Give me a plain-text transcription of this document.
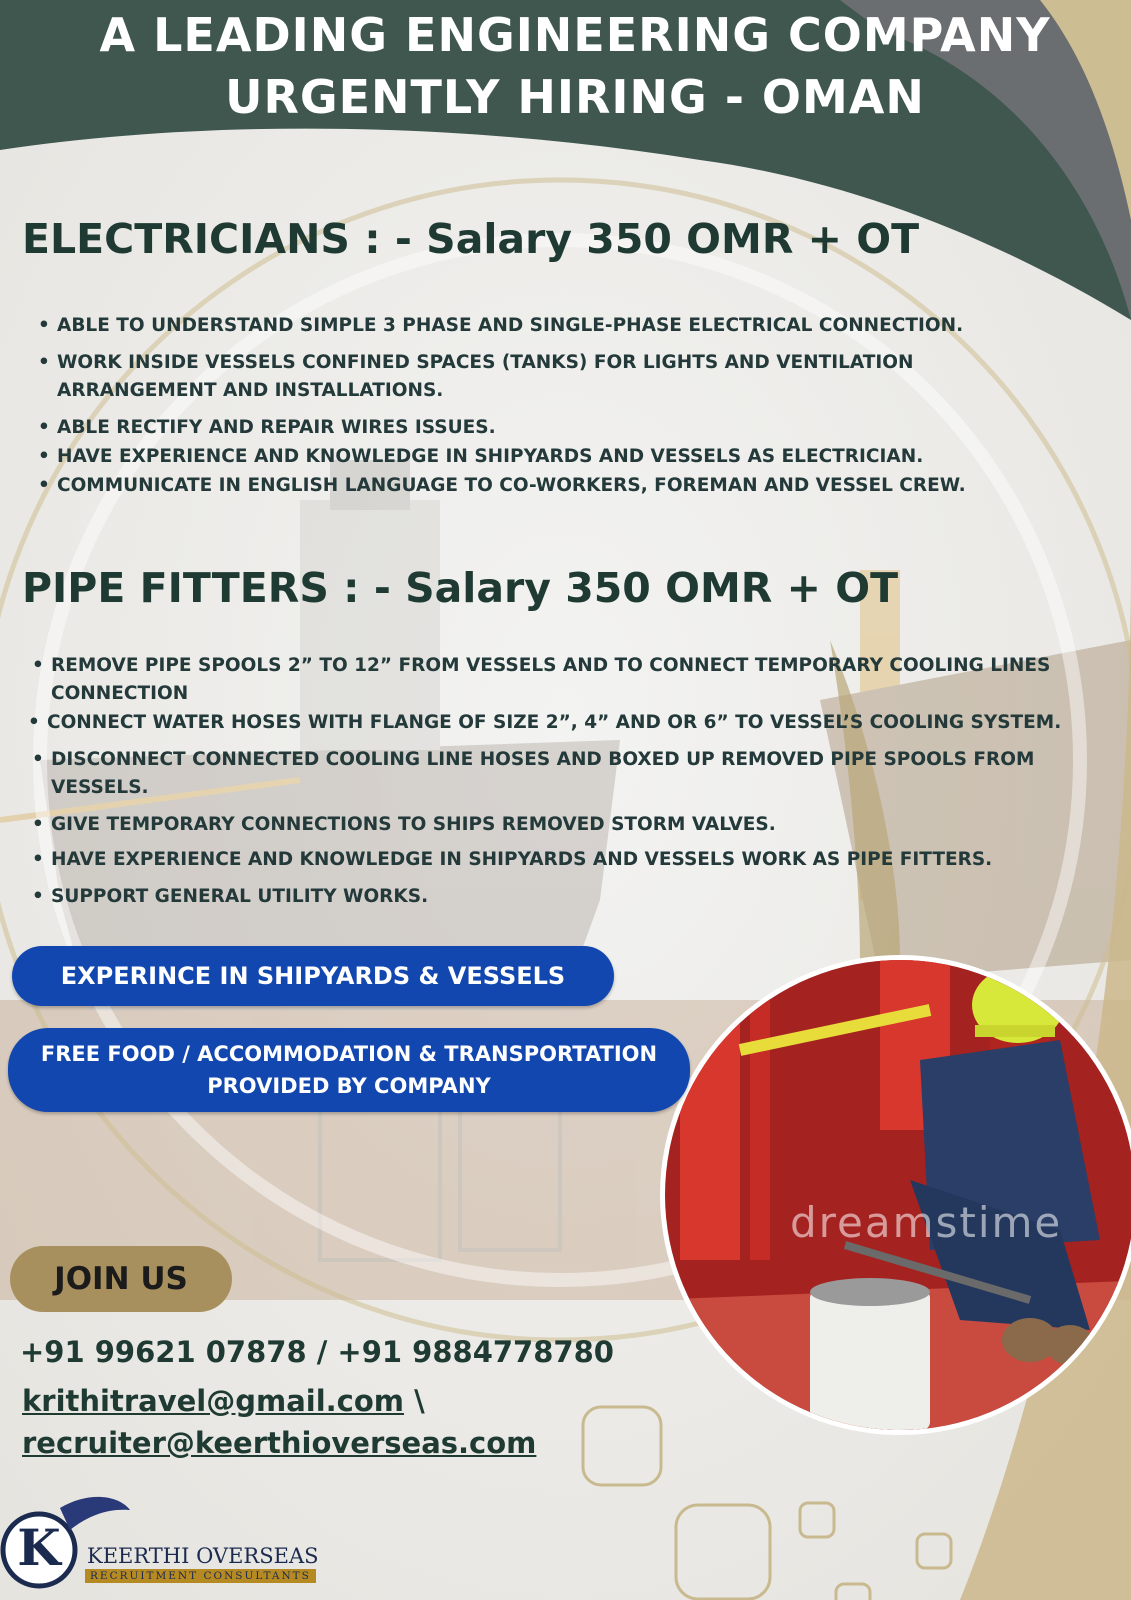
dreamstime
A LEADING ENGINEERING COMPANY
URGENTLY HIRING - OMAN
ELECTRICIANS : - Salary 350 OMR + OT
• ABLE TO UNDERSTAND SIMPLE 3 PHASE AND SINGLE-PHASE ELECTRICAL CONNECTION.
• WORK INSIDE VESSELS CONFINED SPACES (TANKS) FOR LIGHTS AND VENTILATION
ARRANGEMENT AND INSTALLATIONS.
• ABLE RECTIFY AND REPAIR WIRES ISSUES.
• HAVE EXPERIENCE AND KNOWLEDGE IN SHIPYARDS AND VESSELS AS ELECTRICIAN.
• COMMUNICATE IN ENGLISH LANGUAGE TO CO-WORKERS, FOREMAN AND VESSEL CREW.
PIPE FITTERS : - Salary 350 OMR + OT
• REMOVE PIPE SPOOLS 2” TO 12” FROM VESSELS AND TO CONNECT TEMPORARY COOLING LINES
CONNECTION
• CONNECT WATER HOSES WITH FLANGE OF SIZE 2”, 4” AND OR 6” TO VESSEL’S COOLING SYSTEM.
• DISCONNECT CONNECTED COOLING LINE HOSES AND BOXED UP REMOVED PIPE SPOOLS FROM
VESSELS.
• GIVE TEMPORARY CONNECTIONS TO SHIPS REMOVED STORM VALVES.
• HAVE EXPERIENCE AND KNOWLEDGE IN SHIPYARDS AND VESSELS WORK AS PIPE FITTERS.
• SUPPORT GENERAL UTILITY WORKS.
EXPERINCE IN SHIPYARDS & VESSELS
FREE FOOD / ACCOMMODATION & TRANSPORTATION
PROVIDED BY COMPANY
JOIN US

+91 99621 07878 / +91 9884778780

krithitravel@gmail.com \

recruiter@keerthioverseas.com

K KEERTHI OVERSEAS

RECRUITMENT CONSULTANTS
